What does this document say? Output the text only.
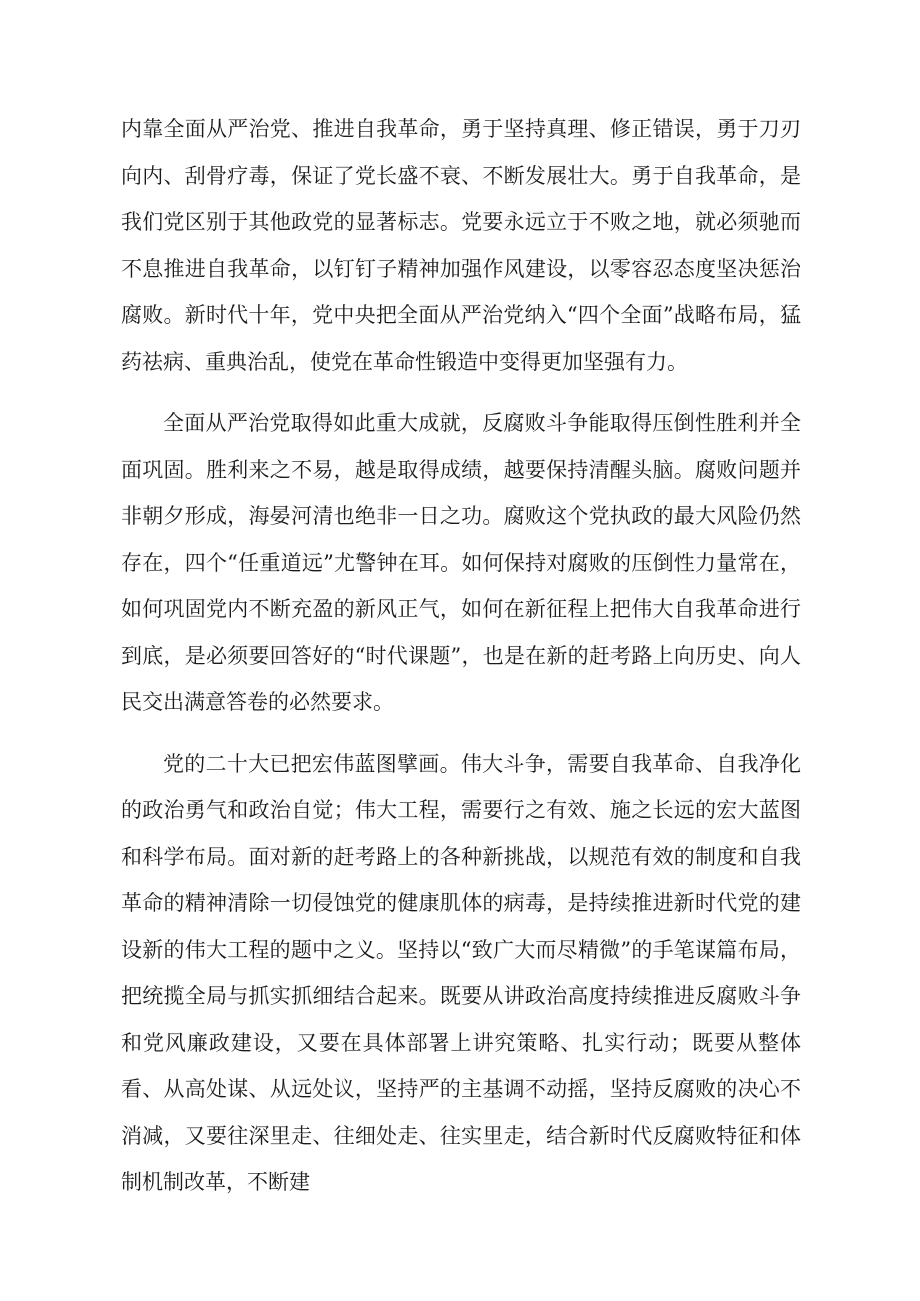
内靠全面从严治党、推进自我革命，勇于坚持真理、修正错误，勇于刀刃向内、刮骨疗毒，保证了党长盛不衰、不断发展壮大。勇于自我革命，是我们党区别于其他政党的显著标志。党要永远立于不败之地，就必须驰而不息推进自我革命，以钉钉子精神加强作风建设，以零容忍态度坚决惩治腐败。新时代十年，党中央把全面从严治党纳入“四个全面”战略布局，猛药祛病、重典治乱，使党在革命性锻造中变得更加坚强有力。

全面从严治党取得如此重大成就，反腐败斗争能取得压倒性胜利并全面巩固。胜利来之不易，越是取得成绩，越要保持清醒头脑。腐败问题并非朝夕形成，海晏河清也绝非一日之功。腐败这个党执政的最大风险仍然存在，四个“任重道远”尤警钟在耳。如何保持对腐败的压倒性力量常在，如何巩固党内不断充盈的新风正气，如何在新征程上把伟大自我革命进行到底，是必须要回答好的“时代课题”，也是在新的赶考路上向历史、向人民交出满意答卷的必然要求。

党的二十大已把宏伟蓝图擘画。伟大斗争，需要自我革命、自我净化的政治勇气和政治自觉；伟大工程，需要行之有效、施之长远的宏大蓝图和科学布局。面对新的赶考路上的各种新挑战，以规范有效的制度和自我革命的精神清除一切侵蚀党的健康肌体的病毒，是持续推进新时代党的建设新的伟大工程的题中之义。坚持以“致广大而尽精微”的手笔谋篇布局，把统揽全局与抓实抓细结合起来。既要从讲政治高度持续推进反腐败斗争和党风廉政建设，又要在具体部署上讲究策略、扎实行动；既要从整体看、从高处谋、从远处议，坚持严的主基调不动摇，坚持反腐败的决心不消减，又要往深里走、往细处走、往实里走，结合新时代反腐败特征和体制机制改革，不断建
